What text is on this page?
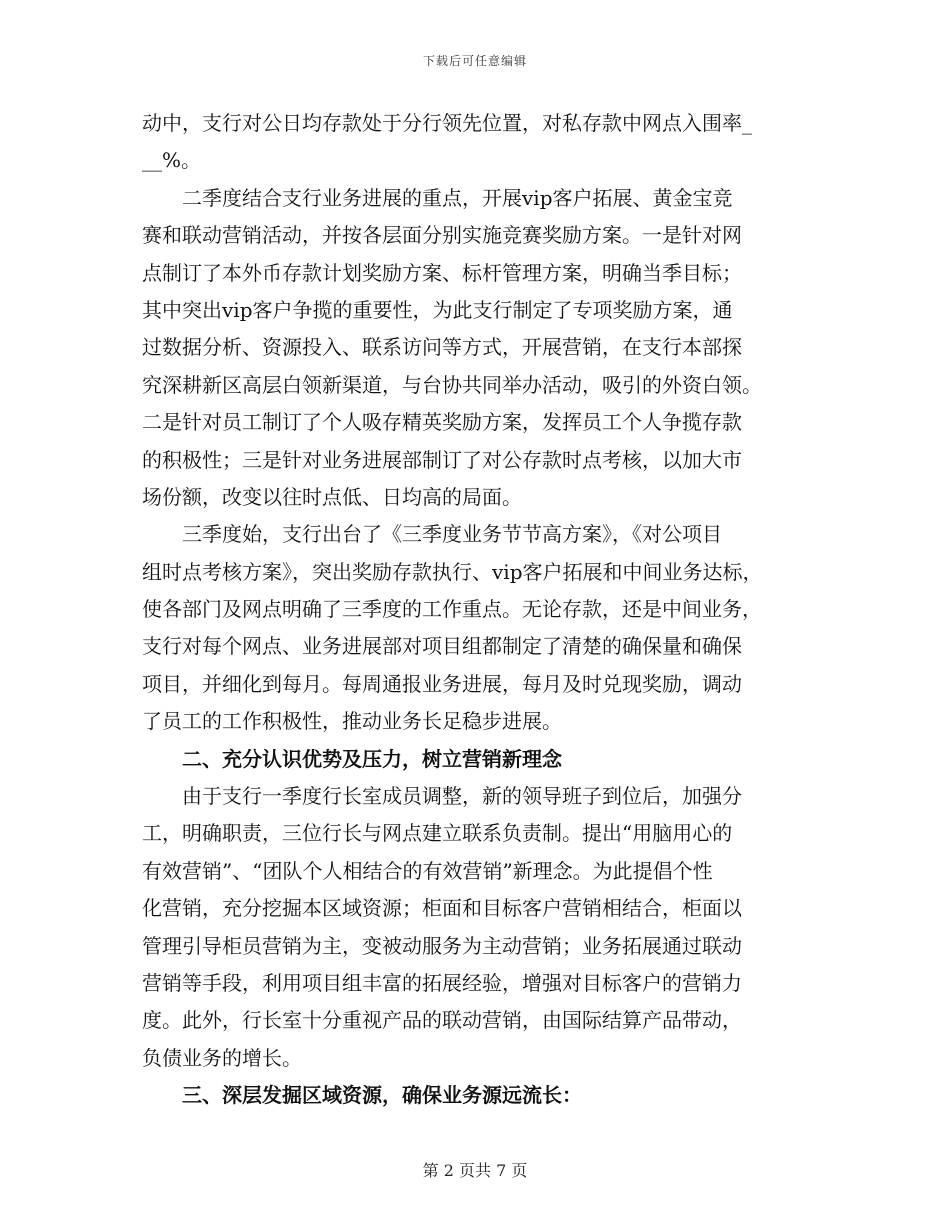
下载后可任意编辑
动中，支行对公日均存款处于分行领先位置，对私存款中网点入围率_
__%。
　　二季度结合支行业务进展的重点，开展vip客户拓展、黄金宝竞
赛和联动营销活动，并按各层面分别实施竞赛奖励方案。一是针对网
点制订了本外币存款计划奖励方案、标杆管理方案，明确当季目标；
其中突出vip客户争揽的重要性，为此支行制定了专项奖励方案，通
过数据分析、资源投入、联系访问等方式，开展营销，在支行本部探
究深耕新区高层白领新渠道，与台协共同举办活动，吸引的外资白领。
二是针对员工制订了个人吸存精英奖励方案，发挥员工个人争揽存款
的积极性；三是针对业务进展部制订了对公存款时点考核，以加大市
场份额，改变以往时点低、日均高的局面。
　　三季度始，支行出台了《三季度业务节节高方案》，《对公项目
组时点考核方案》，突出奖励存款执行、vip客户拓展和中间业务达标，
使各部门及网点明确了三季度的工作重点。无论存款，还是中间业务，
支行对每个网点、业务进展部对项目组都制定了清楚的确保量和确保
项目，并细化到每月。每周通报业务进展，每月及时兑现奖励，调动
了员工的工作积极性，推动业务长足稳步进展。
　　二、充分认识优势及压力，树立营销新理念
　　由于支行一季度行长室成员调整，新的领导班子到位后，加强分
工，明确职责，三位行长与网点建立联系负责制。提出“用脑用心的
有效营销”、“团队个人相结合的有效营销”新理念。为此提倡个性
化营销，充分挖掘本区域资源；柜面和目标客户营销相结合，柜面以
管理引导柜员营销为主，变被动服务为主动营销；业务拓展通过联动
营销等手段，利用项目组丰富的拓展经验，增强对目标客户的营销力
度。此外，行长室十分重视产品的联动营销，由国际结算产品带动，
负债业务的增长。
　　三、深层发掘区域资源，确保业务源远流长：
第 2 页共 7 页
